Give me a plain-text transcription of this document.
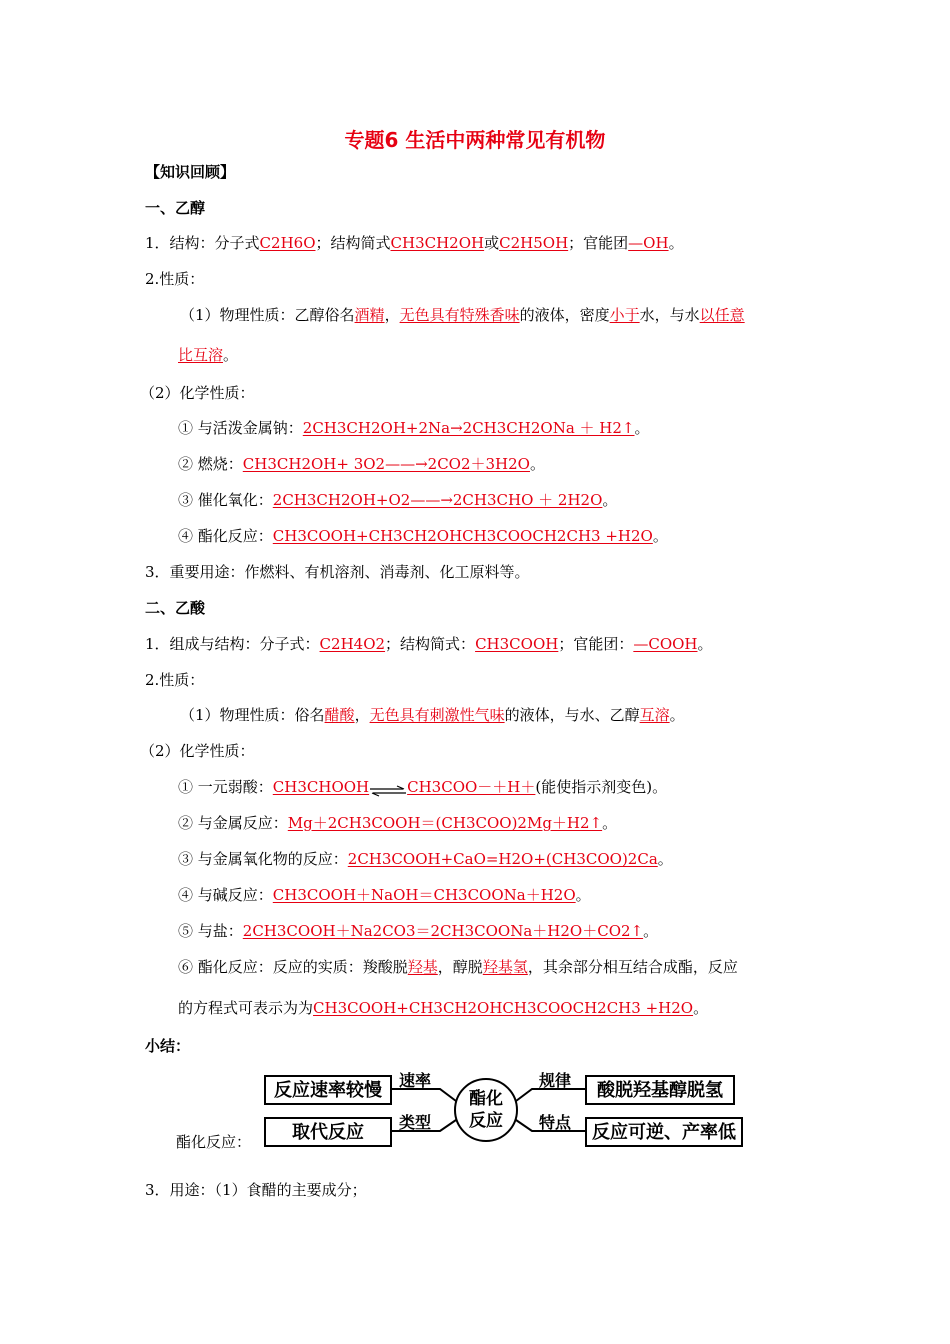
专题6 生活中两种常见有机物
【知识回顾】
一、乙醇
1．结构：分子式C2H6O；结构简式CH3CH2OH或C2H5OH；官能团—OH。
2.性质：
（1）物理性质：乙醇俗名酒精，无色具有特殊香味的液体，密度小于水，与水以任意
比互溶。
（2）化学性质：
① 与活泼金属钠：2CH3CH2OH+2Na→2CH3CH2ONa ＋ H2↑。
② 燃烧：CH3CH2OH+ 3O2——→2CO2＋3H2O。
③ 催化氧化：2CH3CH2OH+O2——→2CH3CHO ＋ 2H2O。
④ 酯化反应：CH3COOH+CH3CH2OHCH3COOCH2CH3 +H2O。
3．重要用途：作燃料、有机溶剂、消毒剂、化工原料等。
二、乙酸
1．组成与结构：分子式：C2H4O2；结构简式：CH3COOH；官能团：—COOH。
2.性质：
（1）物理性质：俗名醋酸，无色具有刺激性气味的液体，与水、乙醇互溶。
（2）化学性质：
① 一元弱酸：CH3CHOOH⇌CH3COO－＋H＋(能使指示剂变色)。
② 与金属反应：Mg＋2CH3COOH＝(CH3COO)2Mg＋H2↑。
③ 与金属氧化物的反应：2CH3COOH+CaO=H2O+(CH3COO)2Ca。
④ 与碱反应：CH3COOH＋NaOH＝CH3COONa＋H2O。
⑤ 与盐：2CH3COOH＋Na2CO3＝2CH3COONa＋H2O＋CO2↑。
⑥ 酯化反应：反应的实质：羧酸脱羟基，醇脱羟基氢，其余部分相互结合成酯，反应
的方程式可表示为为CH3COOH+CH3CH2OHCH3COOCH2CH3 +H2O。
小结：
反应速率较慢
取代反应
酸脱羟基醇脱氢
反应可逆、产率低
速率
类型
规律
特点
酯化
反应
酯化反应：
3．用途：（1）食醋的主要成分；
